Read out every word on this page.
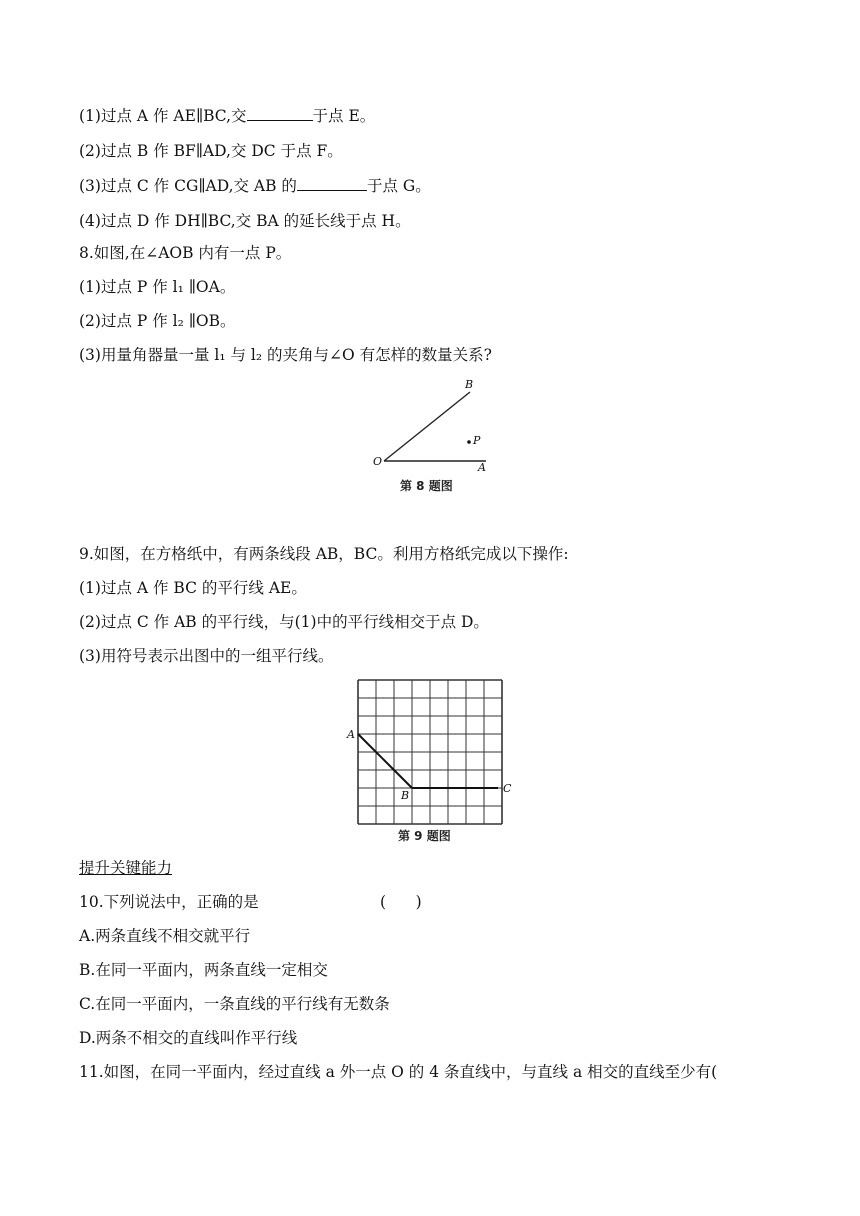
(1)过点 A 作 AE∥BC,交	于点 E。
(2)过点 B 作 BF∥AD,交 DC 于点 F。
(3)过点 C 作 CG∥AD,交 AB 的	于点 G。
(4)过点 D 作 DH∥BC,交 BA 的延长线于点 H。
8.如图,在∠AOB 内有一点 P。
(1)过点 P 作 l₁ ∥OA。
(2)过点 P 作 l₂ ∥OB。
(3)用量角器量一量 l₁ 与 l₂ 的夹角与∠O 有怎样的数量关系?
O	A
B
P
第 8 题图
9.如图，在方格纸中，有两条线段 AB，BC。利用方格纸完成以下操作:
(1)过点 A 作 BC 的平行线 AE。
(2)过点 C 作 AB 的平行线，与(1)中的平行线相交于点 D。
(3)用符号表示出图中的一组平行线。
A
B
C
第 9 题图
提升关键能力
10.下列说法中，正确的是	(      )
A.两条直线不相交就平行
B.在同一平面内，两条直线一定相交
C.在同一平面内，一条直线的平行线有无数条
D.两条不相交的直线叫作平行线
11.如图，在同一平面内，经过直线 a 外一点 O 的 4 条直线中，与直线 a 相交的直线至少有(
